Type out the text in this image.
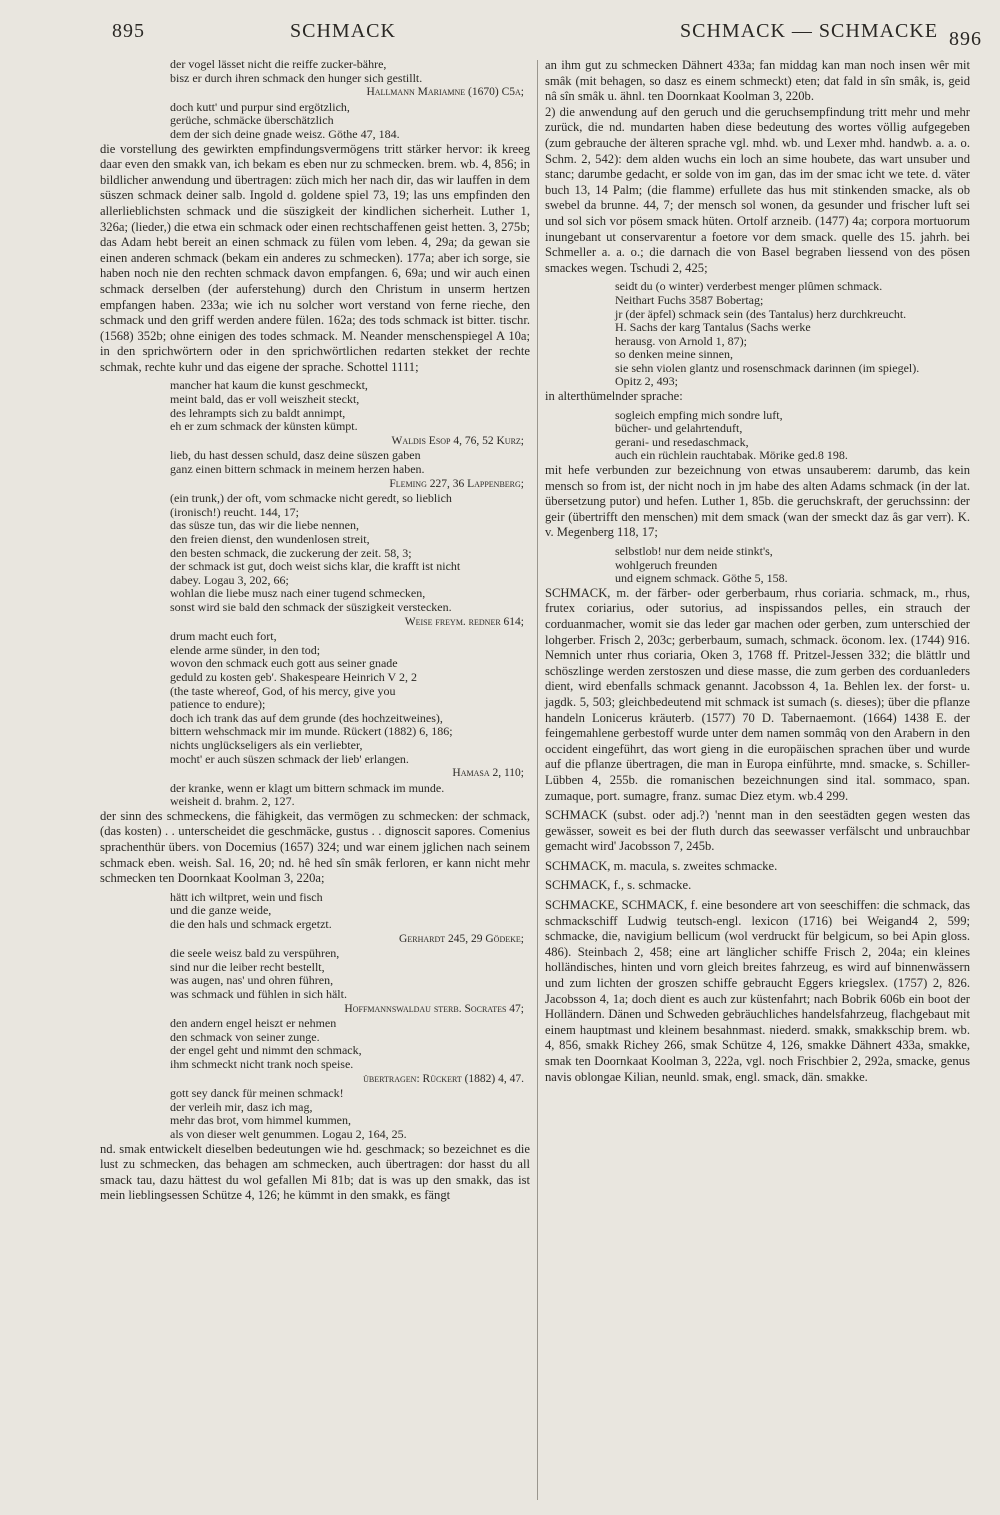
895	SCHMACK	SCHMACK — SCHMACKE 896

der vogel lässet nicht die reiffe zucker-bähre,
bisz er durch ihren schmack den hunger sich gestillt.

Hallmann Mariamne (1670) C5a;

doch kutt' und purpur sind ergötzlich,
gerüche, schmäcke überschätzlich
dem der sich deine gnade weisz. Göthe 47, 184.

die vorstellung des gewirkten empfindungsvermögens tritt stärker hervor: ik kreeg daar even den smakk van, ich bekam es eben nur zu schmecken. brem. wb. 4, 856; in bildlicher anwendung und übertragen: züch mich her nach dir, das wir lauffen in dem süszen schmack deiner salb. Ingold d. goldene spiel 73, 19; las uns empfinden den allerlieblichsten schmack und die süszigkeit der kindlichen sicherheit. Luther 1, 326a; (lieder,) die etwa ein schmack oder einen rechtschaffenen geist hetten. 3, 275b; das Adam hebt bereit an einen schmack zu fülen vom leben. 4, 29a; da gewan sie einen anderen schmack (bekam ein anderes zu schmecken). 177a; aber ich sorge, sie haben noch nie den rechten schmack davon empfangen. 6, 69a; und wir auch einen schmack derselben (der auferstehung) durch den Christum in unserm hertzen empfangen haben. 233a; wie ich nu solcher wort verstand von ferne rieche, den schmack und den griff werden andere fülen. 162a; des tods schmack ist bitter. tischr. (1568) 352b; ohne einigen des todes schmack. M. Neander menschenspiegel A 10a; in den sprichwörtern oder in den sprichwörtlichen redarten stekket der rechte schmak, rechte kuhr und das eigene der sprache. Schottel 1111;

mancher hat kaum die kunst geschmeckt,
meint bald, das er voll weiszheit steckt,
des lehrampts sich zu baldt annimpt,
eh er zum schmack der künsten kümpt.

Waldis Esop 4, 76, 52 Kurz;

lieb, du hast dessen schuld, dasz deine süszen gaben
ganz einen bittern schmack in meinem herzen haben.

Fleming 227, 36 Lappenberg;

(ein trunk,) der oft, vom schmacke nicht geredt, so lieblich
(ironisch!) reucht. 144, 17;
das süsze tun, das wir die liebe nennen,
den freien dienst, den wundenlosen streit,
den besten schmack, die zuckerung der zeit. 58, 3;
der schmack ist gut, doch weist sichs klar, die krafft ist nicht
dabey. Logau 3, 202, 66;
wohlan die liebe musz nach einer tugend schmecken,
sonst wird sie bald den schmack der süszigkeit verstecken.

Weise freym. redner 614;

drum macht euch fort,
elende arme sünder, in den tod;
wovon den schmack euch gott aus seiner gnade
geduld zu kosten geb'. Shakespeare Heinrich V 2, 2
(the taste whereof, God, of his mercy, give you
patience to endure);
doch ich trank das auf dem grunde (des hochzeitweines),
bittern wehschmack mir im munde. Rückert (1882) 6, 186;
nichts unglückseligers als ein verliebter,
mocht' er auch süszen schmack der lieb' erlangen.

Hamasa 2, 110;

der kranke, wenn er klagt um bittern schmack im munde.
weisheit d. brahm. 2, 127.

der sinn des schmeckens, die fähigkeit, das vermögen zu schmecken: der schmack, (das kosten) . . unterscheidet die geschmäcke, gustus . . dignoscit sapores. Comenius sprachenthür übers. von Docemius (1657) 324; und war einem jglichen nach seinem schmack eben. weish. Sal. 16, 20; nd. hê hed sîn smâk ferloren, er kann nicht mehr schmecken ten Doornkaat Koolman 3, 220a;

hätt ich wiltpret, wein und fisch
und die ganze weide,
die den hals und schmack ergetzt.

Gerhardt 245, 29 Gödeke;

die seele weisz bald zu verspühren,
sind nur die leiber recht bestellt,
was augen, nas' und ohren führen,
was schmack und fühlen in sich hält.

Hoffmannswaldau sterb. Socrates 47;

den andern engel heiszt er nehmen
den schmack von seiner zunge.
der engel geht und nimmt den schmack,
ihm schmeckt nicht trank noch speise.

übertragen: Rückert (1882) 4, 47.

gott sey danck für meinen schmack!
der verleih mir, dasz ich mag,
mehr das brot, vom himmel kummen,
als von dieser welt genummen. Logau 2, 164, 25.

nd. smak entwickelt dieselben bedeutungen wie hd. geschmack; so bezeichnet es die lust zu schmecken, das behagen am schmecken, auch übertragen: dor hasst du all smack tau, dazu hättest du wol gefallen Mi 81b; dat is was up den smakk, das ist mein lieblingsessen Schütze 4, 126; he kümmt in den smakk, es fängt

an ihm gut zu schmecken Dähnert 433a; fan middag kan man noch insen wêr mit smâk (mit behagen, so dasz es einem schmeckt) eten; dat fald in sîn smâk, is, geid nâ sîn smâk u. ähnl. ten Doornkaat Koolman 3, 220b.
2) die anwendung auf den geruch und die geruchsempfindung tritt mehr und mehr zurück, die nd. mundarten haben diese bedeutung des wortes völlig aufgegeben (zum gebrauche der älteren sprache vgl. mhd. wb. und Lexer mhd. handwb. a. a. o. Schm. 2, 542): dem alden wuchs ein loch an sime houbete, das wart unsuber und stanc; darumbe gedacht, er solde von im gan, das im der smac icht we tete. d. väter buch 13, 14 Palm; (die flamme) erfullete das hus mit stinkenden smacke, als ob swebel da brunne. 44, 7; der mensch sol wonen, da gesunder und frischer luft sei und sol sich vor pösem smack hüten. Ortolf arzneib. (1477) 4a; corpora mortuorum inungebant ut conservarentur a foetore vor dem smack. quelle des 15. jahrh. bei Schmeller a. a. o.; die darnach die von Basel begraben liessend von des pösen smackes wegen. Tschudi 2, 425;

seidt du (o winter) verderbest menger plûmen schmack.
Neithart Fuchs 3587 Bobertag;
jr (der äpfel) schmack sein (des Tantalus) herz durchkreucht.
H. Sachs der karg Tantalus (Sachs werke
herausg. von Arnold 1, 87);
so denken meine sinnen,
sie sehn violen glantz und rosenschmack darinnen (im spiegel).
Opitz 2, 493;

in alterthümelnder sprache:

sogleich empfing mich sondre luft,
bücher- und gelahrtenduft,
gerani- und resedaschmack,
auch ein rüchlein rauchtabak. Mörike ged.8 198.

mit hefe verbunden zur bezeichnung von etwas unsauberem: darumb, das kein mensch so from ist, der nicht noch in jm habe des alten Adams schmack (in der lat. übersetzung putor) und hefen. Luther 1, 85b. die geruchskraft, der geruchssinn: der geir (übertrifft den menschen) mit dem smack (wan der smeckt daz âs gar verr). K. v. Megenberg 118, 17;

selbstlob! nur dem neide stinkt's,
wohlgeruch freunden
und eignem schmack. Göthe 5, 158.

SCHMACK, m. der färber- oder gerberbaum, rhus coriaria. schmack, m., rhus, frutex coriarius, oder sutorius, ad inspissandos pelles, ein strauch der corduanmacher, womit sie das leder gar machen oder gerben, zum unterschied der lohgerber. Frisch 2, 203c; gerberbaum, sumach, schmack. öconom. lex. (1744) 916. Nemnich unter rhus coriaria, Oken 3, 1768 ff. Pritzel-Jessen 332; die blättlr und schöszlinge werden zerstoszen und diese masse, die zum gerben des corduanleders dient, wird ebenfalls schmack genannt. Jacobsson 4, 1a. Behlen lex. der forst- u. jagdk. 5, 503; gleichbedeutend mit schmack ist sumach (s. dieses); über die pflanze handeln Lonicerus kräuterb. (1577) 70 D. Tabernaemont. (1664) 1438 E. der feingemahlene gerbestoff wurde unter dem namen sommâq von den Arabern in den occident eingeführt, das wort gieng in die europäischen sprachen über und wurde auf die pflanze übertragen, die man in Europa einführte, mnd. smacke, s. Schiller-Lübben 4, 255b. die romanischen bezeichnungen sind ital. sommaco, span. zumaque, port. sumagre, franz. sumac Diez etym. wb.4 299.

SCHMACK (subst. oder adj.?) 'nennt man in den seestädten gegen westen das gewässer, soweit es bei der fluth durch das seewasser verfälscht und unbrauchbar gemacht wird' Jacobsson 7, 245b.

SCHMACK, m. macula, s. zweites schmacke.

SCHMACK, f., s. schmacke.

SCHMACKE, SCHMACK, f. eine besondere art von seeschiffen: die schmack, das schmackschiff Ludwig teutsch-engl. lexicon (1716) bei Weigand4 2, 599; schmacke, die, navigium bellicum (wol verdruckt für belgicum, so bei Apin gloss. 486). Steinbach 2, 458; eine art länglicher schiffe Frisch 2, 204a; ein kleines holländisches, hinten und vorn gleich breites fahrzeug, es wird auf binnenwässern und zum lichten der groszen schiffe gebraucht Eggers kriegslex. (1757) 2, 826. Jacobsson 4, 1a; doch dient es auch zur küstenfahrt; nach Bobrik 606b ein boot der Holländern. Dänen und Schweden gebräuchliches handelsfahrzeug, flachgebaut mit einem hauptmast und kleinem besahnmast. niederd. smakk, smakkschip brem. wb. 4, 856, smakk Richey 266, smak Schütze 4, 126, smakke Dähnert 433a, smakke, smak ten Doornkaat Koolman 3, 222a, vgl. noch Frischbier 2, 292a, smacke, genus navis oblongae Kilian, neunld. smak, engl. smack, dän. smakke.
